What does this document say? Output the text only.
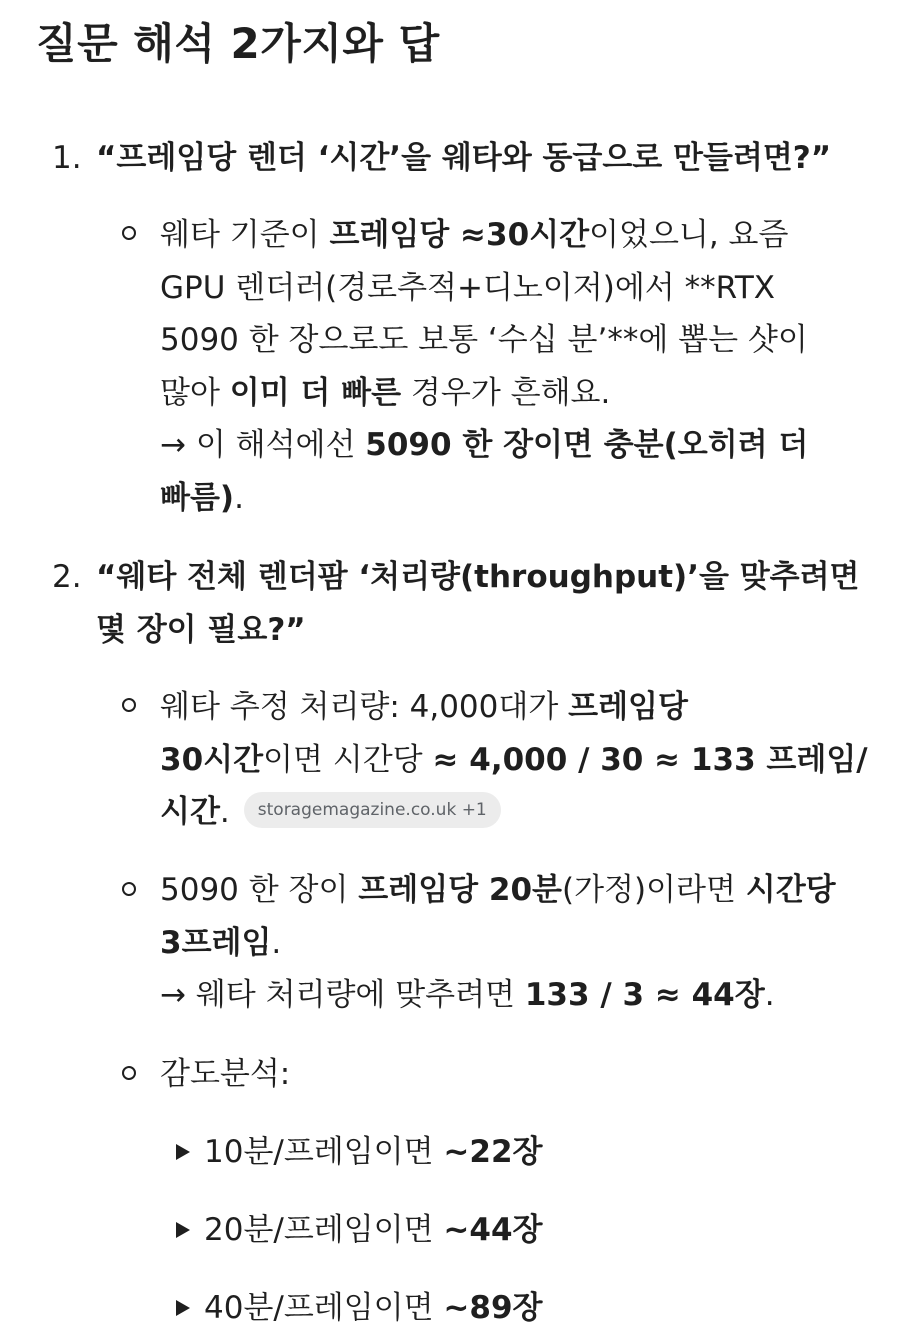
질문 해석 2가지와 답
1. “프레임당 렌더 ‘시간’을 웨타와 동급으로 만들려면?”
웨타 기준이 프레임당 ≈30시간이었으니, 요즘
GPU 렌더러(경로추적+디노이저)에서 **RTX
5090 한 장으로도 보통 ‘수십 분’**에 뽑는 샷이
많아 이미 더 빠른 경우가 흔해요.
→ 이 해석에선 5090 한 장이면 충분(오히려 더
빠름).
2. “웨타 전체 렌더팜 ‘처리량(throughput)’을 맞추려면
몇 장이 필요?”
웨타 추정 처리량: 4,000대가 프레임당
30시간이면 시간당 ≈ 4,000 / 30 ≈ 133 프레임/
시간. storagemagazine.co.uk +1
5090 한 장이 프레임당 20분(가정)이라면 시간당
3프레임.
→ 웨타 처리량에 맞추려면 133 / 3 ≈ 44장.
감도분석:
10분/프레임이면 ~22장
20분/프레임이면 ~44장
40분/프레임이면 ~89장
